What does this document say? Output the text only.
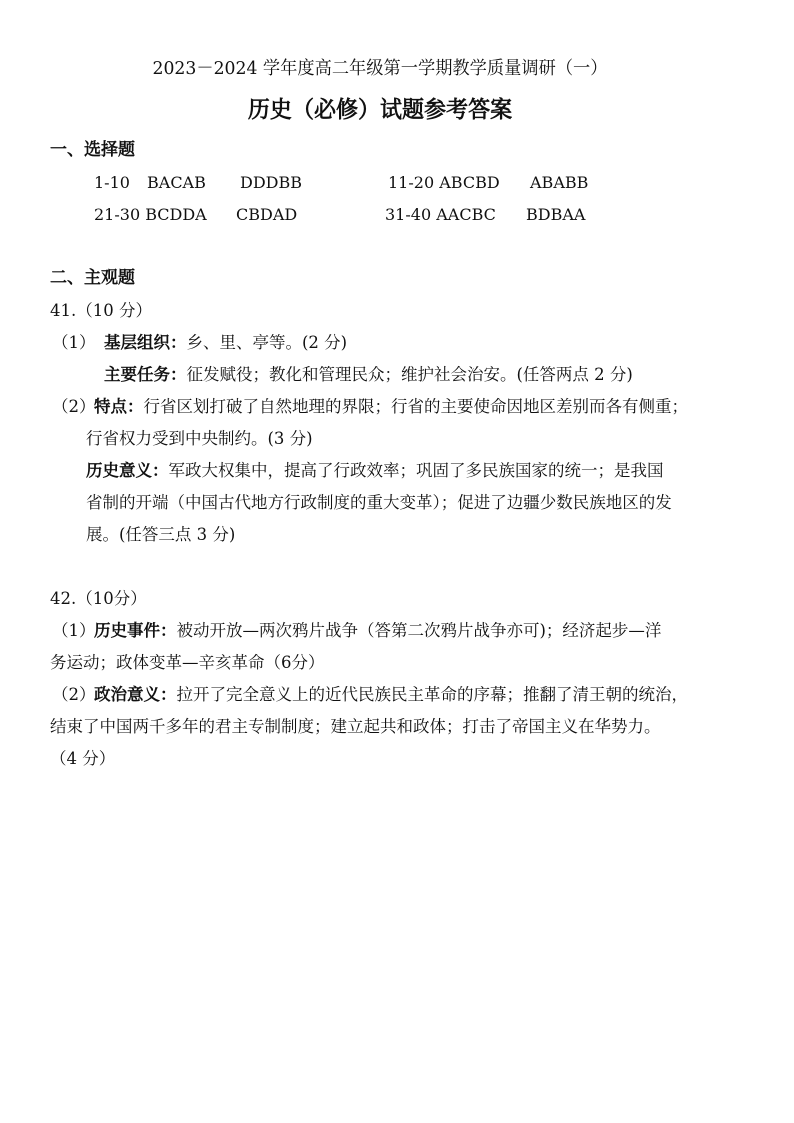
2023－2024 学年度高二年级第一学期教学质量调研（一）
历史（必修）试题参考答案
一、选择题
1-10 BACAB DDDBB	11-20 ABCBD ABABB
21-30 BCDDA CBDAD	31-40 AACBC BDBAA
二、主观题
41.（10 分）
（1） 基层组织：乡、里、亭等。(2 分)
主要任务：征发赋役；教化和管理民众；维护社会治安。(任答两点 2 分)
（2）
特点：行省区划打破了自然地理的界限；行省的主要使命因地区差别而各有侧重；
行省权力受到中央制约。(3 分)
历史意义：军政大权集中，提高了行政效率；巩固了多民族国家的统一；是我国
省制的开端（中国古代地方行政制度的重大变革）；促进了边疆少数民族地区的发
展。(任答三点 3 分)
42.（10分）
（1）
历史事件：被动开放—两次鸦片战争（答第二次鸦片战争亦可)；经济起步—洋
务运动；政体变革—辛亥革命（6分）
（2）
政治意义：拉开了完全意义上的近代民族民主革命的序幕；推翻了清王朝的统治，
结束了中国两千多年的君主专制制度；建立起共和政体；打击了帝国主义在华势力。
（4 分）
